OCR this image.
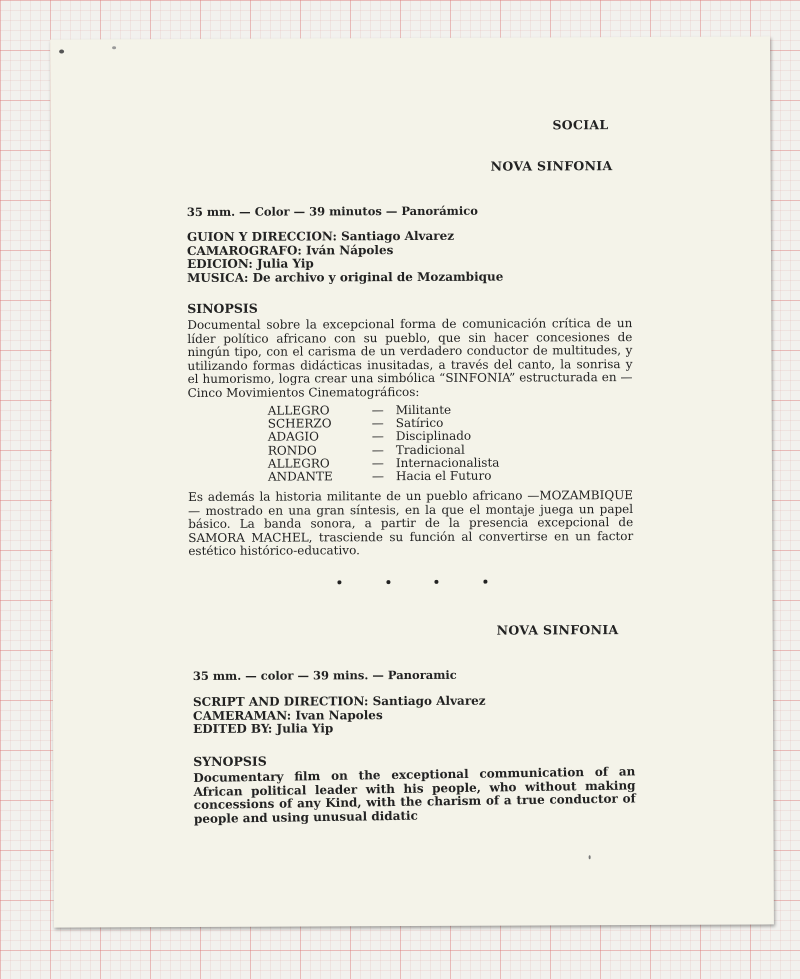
SOCIAL
NOVA SINFONIA
35 mm. — Color — 39 minutos — Panorámico
GUION Y DIRECCION: Santiago Alvarez
CAMAROGRAFO: Iván Nápoles
EDICION: Julia Yip
MUSICA: De archivo y original de Mozambique
SINOPSIS
Documental sobre la excepcional forma de comunicación crítica de un líder político africano con su pueblo, que sin hacer concesiones de ningún tipo, con el carisma de un verdadero conductor de multitudes, y utilizando formas didácticas inusitadas, a través del canto, la sonrisa y el humorismo, logra crear una simbólica “SINFONIA” estructurada en —Cinco Movimientos Cinematográficos:
ALLEGRO	—	Militante
SCHERZO	—	Satírico
ADAGIO	—	Disciplinado
RONDO	—	Tradicional
ALLEGRO	—	Internacionalista
ANDANTE	—	Hacia el Futuro
Es además la historia militante de un pueblo africano —MOZAMBIQUE— mostrado en una gran síntesis, en la que el montaje juega un papel básico. La banda sonora, a partir de la presencia excepcional de SAMORA MACHEL, trasciende su función al convertirse en un factor estético histórico-educativo.
NOVA SINFONIA
35 mm. — color — 39 mins. — Panoramic
SCRIPT AND DIRECTION: Santiago Alvarez
CAMERAMAN: Ivan Napoles
EDITED BY: Julia Yip
SYNOPSIS
Documentary film on the exceptional communication of an African political leader with his people, who without making concessions of any Kind, with the charism of a true conductor of people and using unusual didatic
